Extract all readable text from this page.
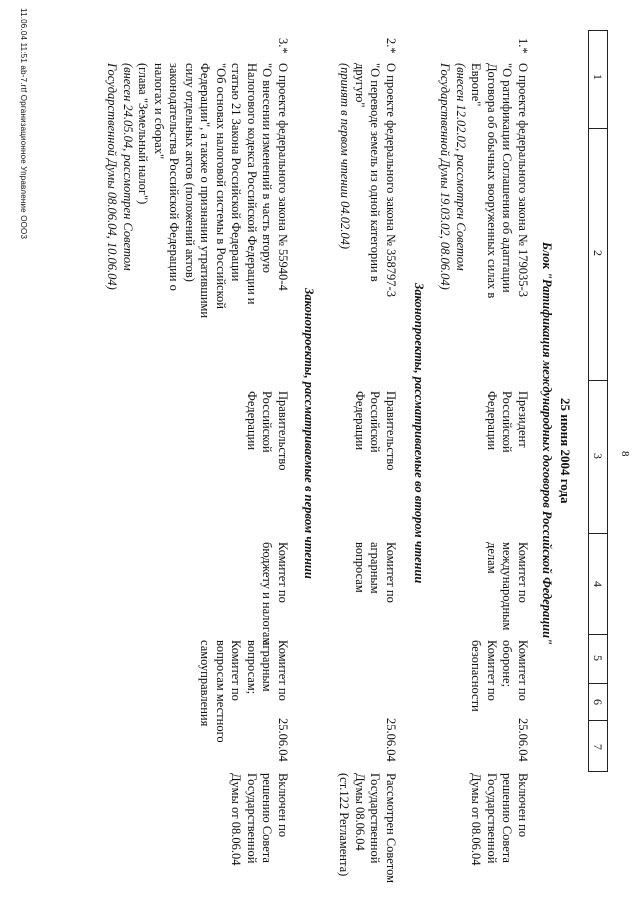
8
1
2
3
4
5
6
7
25 июня 2004 года
Блок "Ратификация международных договоров Российской Федерации"
1.*
О проекте федерального закона № 179035-3
"О ратификации Соглашения об адаптации
Договора об обычных вооруженных силах в
Европе"
(внесен 12.02.02, рассмотрен Советом
Государственной Думы 19.03.02, 08.06.04)
Президент
Российской
Федерации
Комитет по
международным
делам
Комитет по
обороне;
Комитет по
безопасности
25.06.04
Включен по
решению Совета
Государственной
Думы от 08.06.04
Законопроекты, рассматриваемые во втором чтении
2.*
О проекте федерального закона № 358797-3
"О переводе земель из одной категории в
другую"
(принят в первом чтении 04.02.04)
Правительство
Российской
Федерации
Комитет по
аграрным
вопросам
25.06.04
Рассмотрен Советом
Государственной
Думы 08.06.04
(ст.122 Регламента)
Законопроекты, рассматриваемые в первом чтении
3.*
О проекте федерального закона № 55940-4
"О внесении изменений в часть вторую
Налогового кодекса Российской Федерации и
статью 21 Закона Российской Федерации
"Об основах налоговой системы в Российской
Федерации", а также о признании утратившими
силу отдельных актов (положений актов)
законодательства Российской Федерации о
налогах и сборах"
(глава "Земельный налог")
(внесен 24.05.04, рассмотрен Советом
Государственной Думы 08.06.04, 10.06.04)
Правительство
Российской
Федерации
Комитет по
бюджету и налогам
Комитет по
аграрным
вопросам;
Комитет по
вопросам местного
самоуправления
25.06.04
Включен по
решению Совета
Государственной
Думы от 08.06.04
11.06.04 11:51 ab-7.rtf Организационное Управление ООО3
